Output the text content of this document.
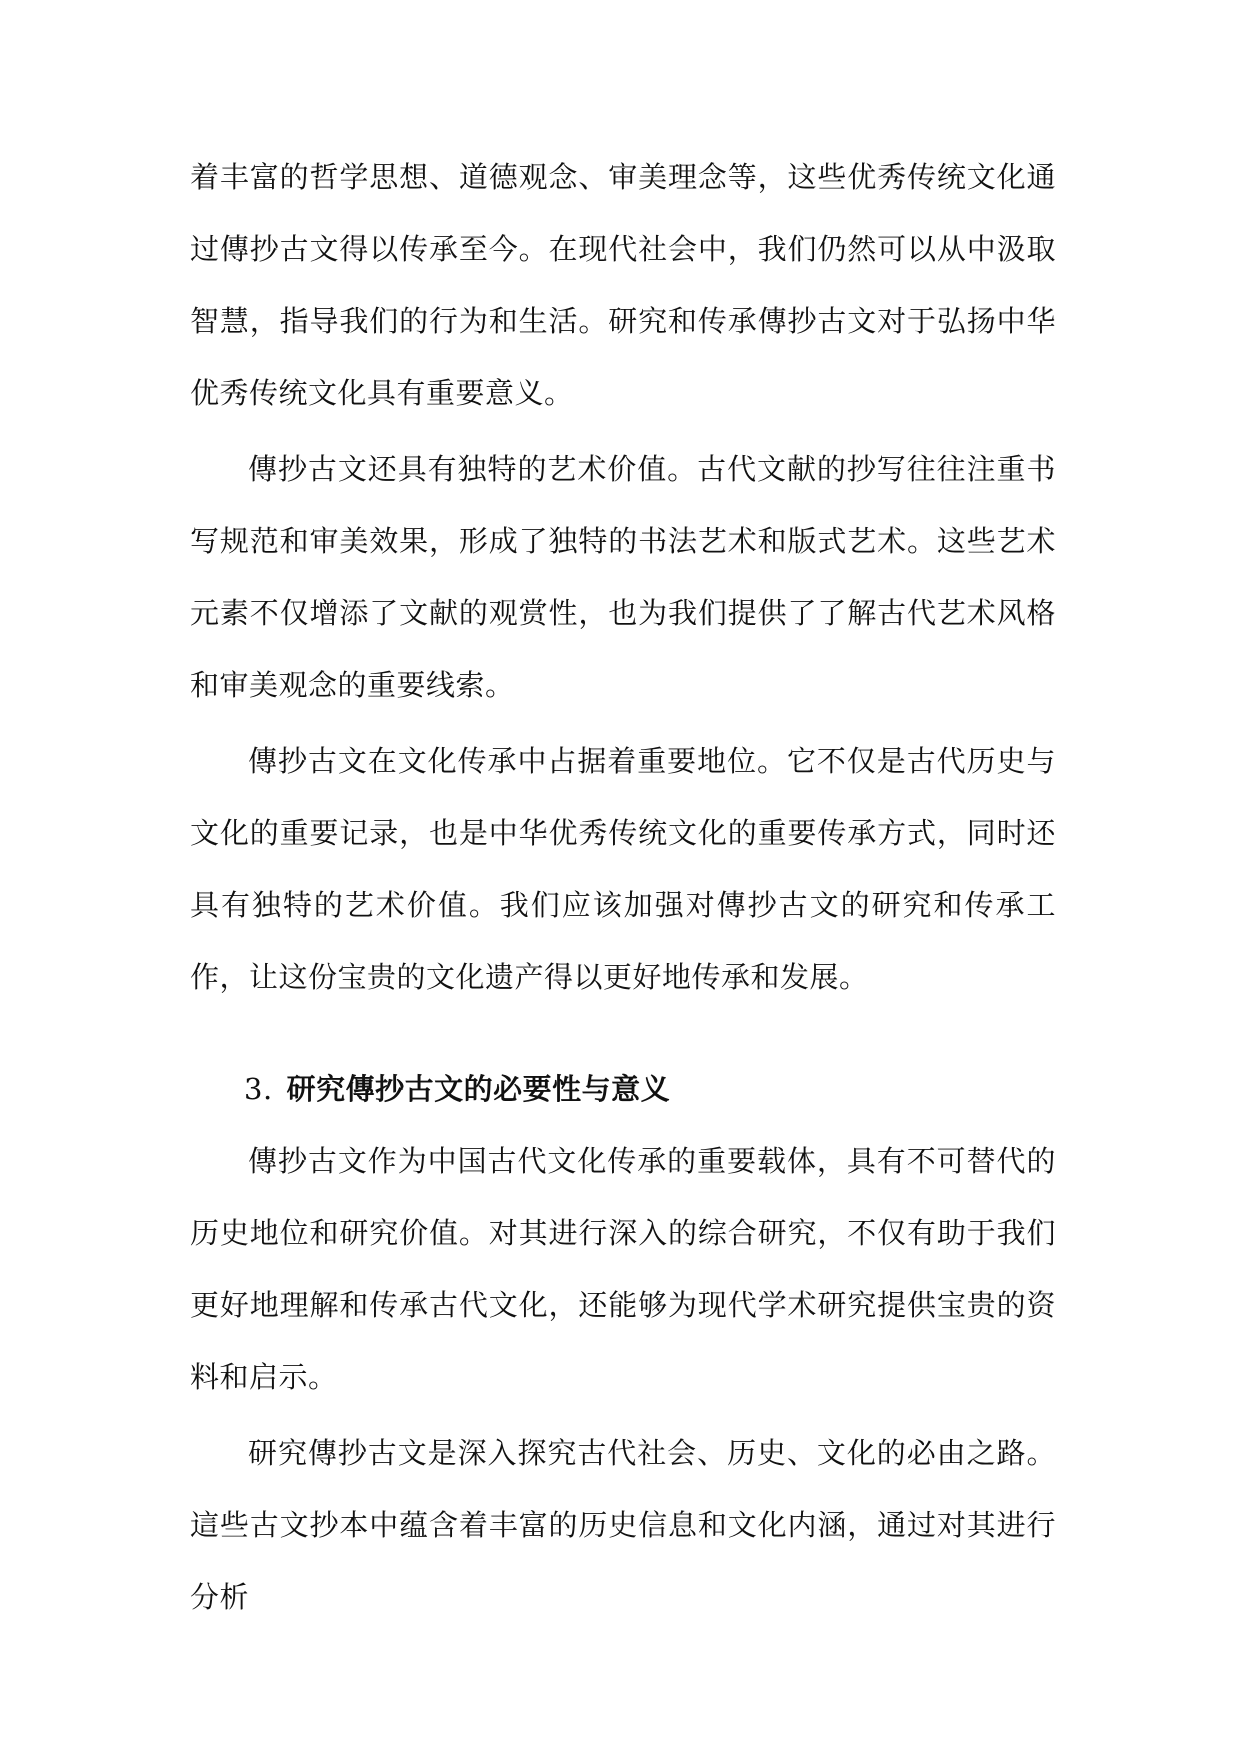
着丰富的哲学思想、道德观念、审美理念等，这些优秀传统文化通过傳抄古文得以传承至今。在现代社会中，我们仍然可以从中汲取智慧，指导我们的行为和生活。研究和传承傳抄古文对于弘扬中华优秀传统文化具有重要意义。

傳抄古文还具有独特的艺术价值。古代文献的抄写往往注重书写规范和审美效果，形成了独特的书法艺术和版式艺术。这些艺术元素不仅增添了文献的观赏性，也为我们提供了了解古代艺术风格和审美观念的重要线索。

傳抄古文在文化传承中占据着重要地位。它不仅是古代历史与文化的重要记录，也是中华优秀传统文化的重要传承方式，同时还具有独特的艺术价值。我们应该加强对傳抄古文的研究和传承工作，让这份宝贵的文化遗产得以更好地传承和发展。

3. 研究傳抄古文的必要性与意义

傳抄古文作为中国古代文化传承的重要载体，具有不可替代的历史地位和研究价值。对其进行深入的综合研究，不仅有助于我们更好地理解和传承古代文化，还能够为现代学术研究提供宝贵的资料和启示。

研究傳抄古文是深入探究古代社会、历史、文化的必由之路。這些古文抄本中蕴含着丰富的历史信息和文化内涵，通过对其进行分析
